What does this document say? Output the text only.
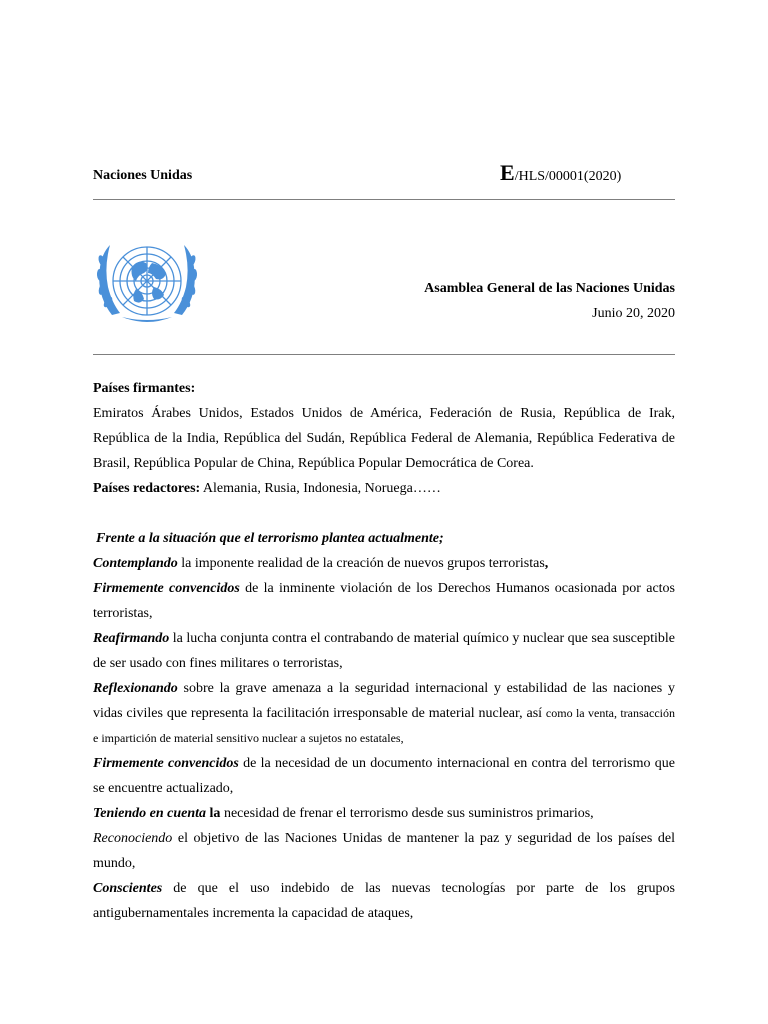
Naciones Unidas	E/HLS/00001(2020)
Asamblea General de las Naciones Unidas
Junio 20, 2020

Países firmantes:

Emiratos Árabes Unidos, Estados Unidos de América, Federación de Rusia, República de Irak, República de la India, República del Sudán, República Federal de Alemania, República Federativa de Brasil, República Popular de China, República Popular Democrática de Corea.

Países redactores: Alemania, Rusia, Indonesia, Noruega……

Frente a la situación que el terrorismo plantea actualmente;

Contemplando la imponente realidad de la creación de nuevos grupos terroristas,

Firmemente convencidos de la inminente violación de los Derechos Humanos ocasionada por actos terroristas,

Reafirmando la lucha conjunta contra el contrabando de material químico y nuclear que sea susceptible de ser usado con fines militares o terroristas,

Reflexionando sobre la grave amenaza a la seguridad internacional y estabilidad de las naciones y vidas civiles que representa la facilitación irresponsable de material nuclear, así como la venta, transacción e impartición de material sensitivo nuclear a sujetos no estatales,

Firmemente convencidos de la necesidad de un documento internacional en contra del terrorismo que se encuentre actualizado,

Teniendo en cuenta la necesidad de frenar el terrorismo desde sus suministros primarios,

Reconociendo el objetivo de las Naciones Unidas de mantener la paz y seguridad de los países del mundo,

Conscientes de que el uso indebido de las nuevas tecnologías por parte de los grupos antigubernamentales incrementa la capacidad de ataques,
